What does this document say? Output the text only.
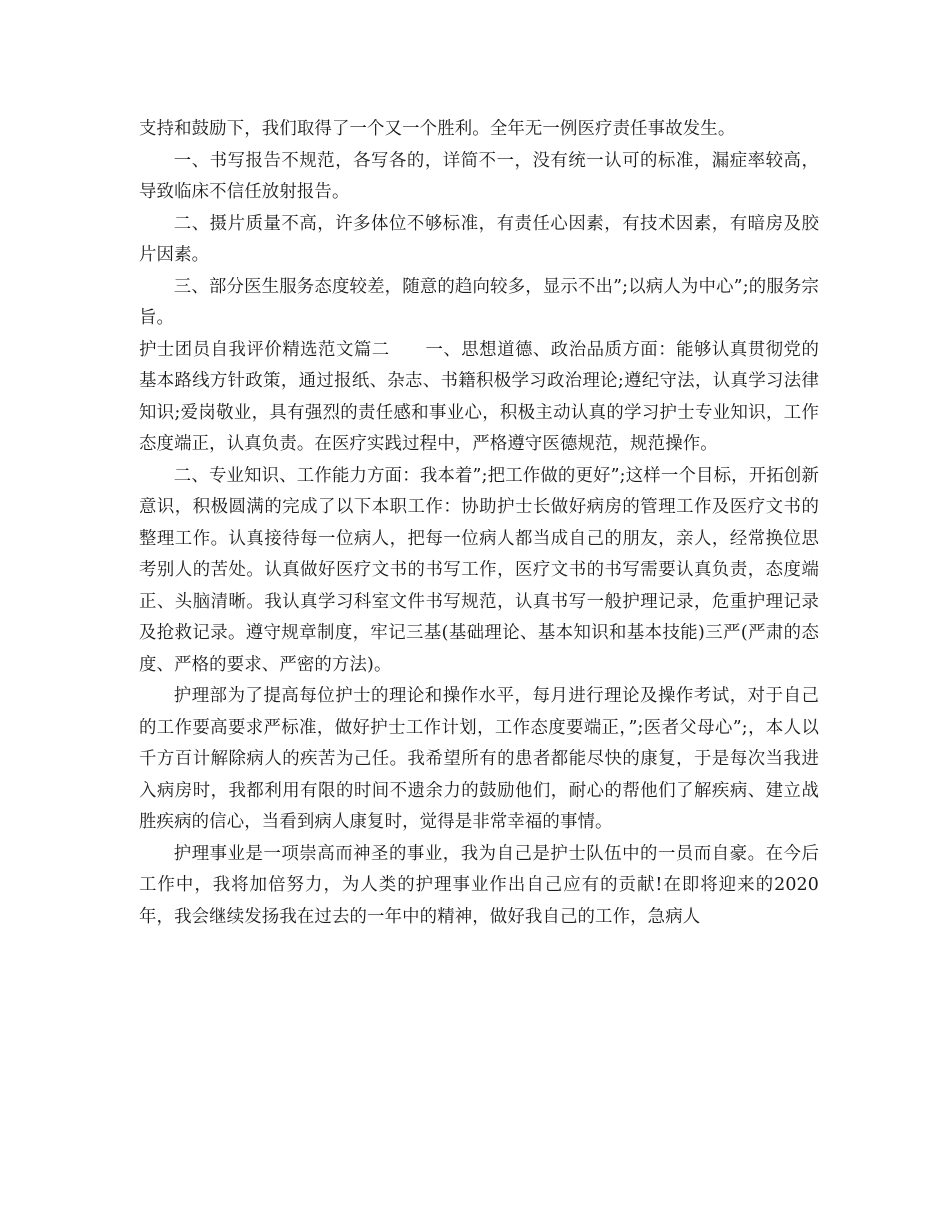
支持和鼓励下，我们取得了一个又一个胜利。全年无一例医疗责任事故发生。

一、书写报告不规范，各写各的，详简不一，没有统一认可的标准，漏症率较高，导致临床不信任放射报告。

二、摄片质量不高，许多体位不够标准，有责任心因素，有技术因素，有暗房及胶片因素。

三、部分医生服务态度较差，随意的趋向较多，显示不出”;以病人为中心”;的服务宗旨。

护士团员自我评价精选范文篇二　　一、思想道德、政治品质方面：能够认真贯彻党的基本路线方针政策，通过报纸、杂志、书籍积极学习政治理论;遵纪守法，认真学习法律知识;爱岗敬业，具有强烈的责任感和事业心，积极主动认真的学习护士专业知识，工作态度端正，认真负责。在医疗实践过程中，严格遵守医德规范，规范操作。

二、专业知识、工作能力方面：我本着”;把工作做的更好”;这样一个目标，开拓创新意识，积极圆满的完成了以下本职工作：协助护士长做好病房的管理工作及医疗文书的整理工作。认真接待每一位病人，把每一位病人都当成自己的朋友，亲人，经常换位思考别人的苦处。认真做好医疗文书的书写工作，医疗文书的书写需要认真负责，态度端正、头脑清晰。我认真学习科室文件书写规范，认真书写一般护理记录，危重护理记录及抢救记录。遵守规章制度，牢记三基(基础理论、基本知识和基本技能)三严(严肃的态度、严格的要求、严密的方法)。

护理部为了提高每位护士的理论和操作水平，每月进行理论及操作考试，对于自己的工作要高要求严标准，做好护士工作计划，工作态度要端正，”;医者父母心”;，本人以千方百计解除病人的疾苦为己任。我希望所有的患者都能尽快的康复，于是每次当我进入病房时，我都利用有限的时间不遗余力的鼓励他们，耐心的帮他们了解疾病、建立战胜疾病的信心，当看到病人康复时，觉得是非常幸福的事情。

护理事业是一项崇高而神圣的事业，我为自己是护士队伍中的一员而自豪。在今后工作中，我将加倍努力，为人类的护理事业作出自己应有的贡献!在即将迎来的2020年，我会继续发扬我在过去的一年中的精神，做好我自己的工作，急病人
